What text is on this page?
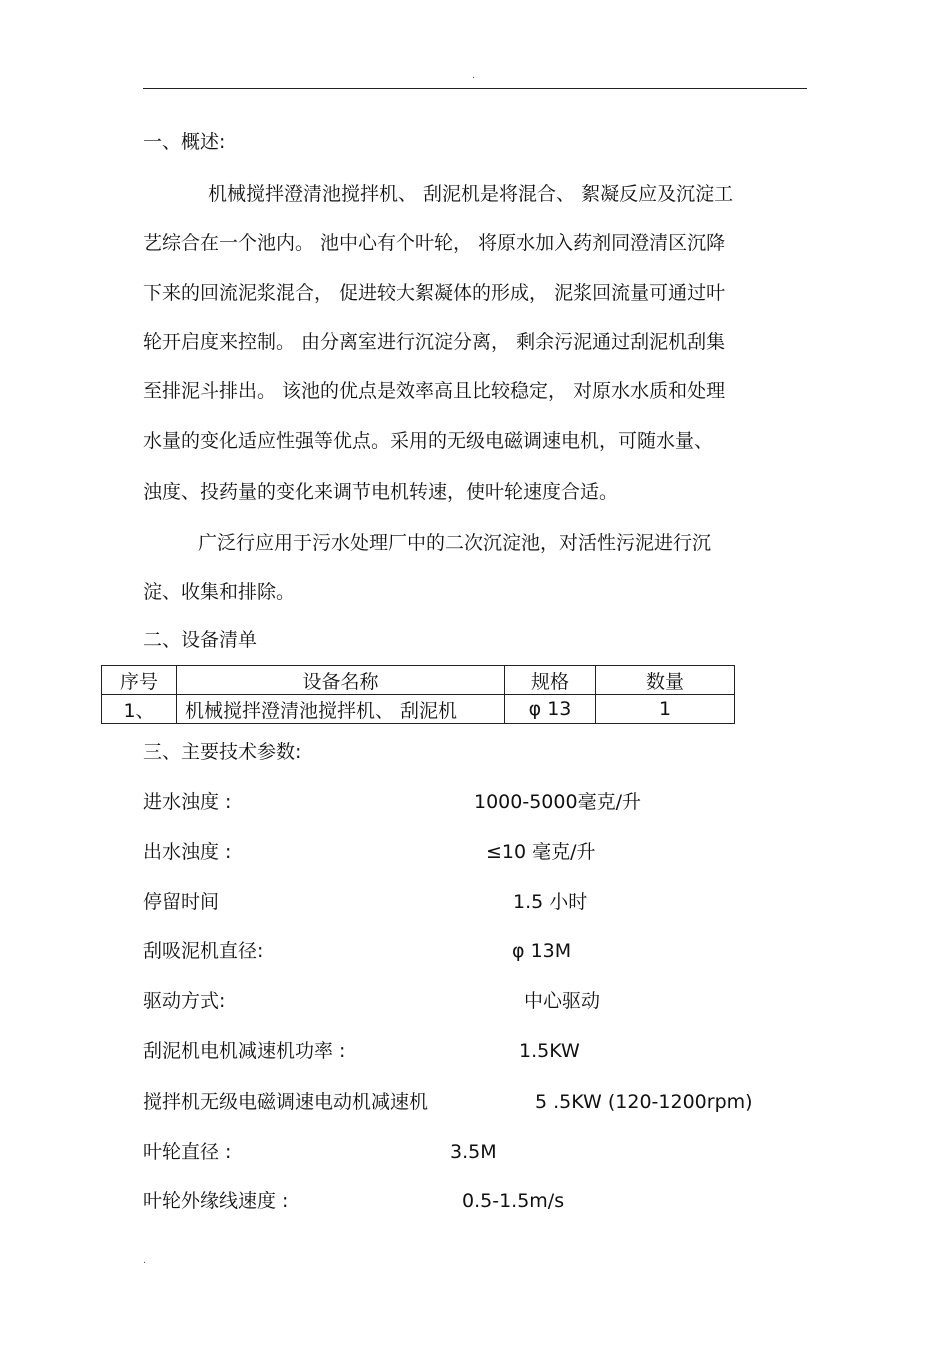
.
一、概述:
机械搅拌澄清池搅拌机、 刮泥机是将混合、 絮凝反应及沉淀工
艺综合在一个池内。 池中心有个叶轮， 将原水加入药剂同澄清区沉降
下来的回流泥浆混合， 促进较大絮凝体的形成， 泥浆回流量可通过叶
轮开启度来控制。 由分离室进行沉淀分离， 剩余污泥通过刮泥机刮集
至排泥斗排出。 该池的优点是效率高且比较稳定， 对原水水质和处理
水量的变化适应性强等优点。采用的无级电磁调速电机，可随水量、
浊度、投药量的变化来调节电机转速，使叶轮速度合适。
广泛行应用于污水处理厂中的二次沉淀池，对活性污泥进行沉
淀、收集和排除。
二、设备清单
序号	设备名称	规格	数量
1、	机械搅拌澄清池搅拌机、 刮泥机	φ 13	1
三、主要技术参数:
进水浊度 :	1000-5000毫克/升
出水浊度 :	≤10 毫克/升
停留时间	1.5 小时
刮吸泥机直径:	φ 13M
驱动方式:	中心驱动
刮泥机电机减速机功率 :	1.5KW
搅拌机无级电磁调速电动机减速机	5 .5KW (120-1200rpm)
叶轮直径 :	3.5M
叶轮外缘线速度 :	0.5-1.5m/s
.
